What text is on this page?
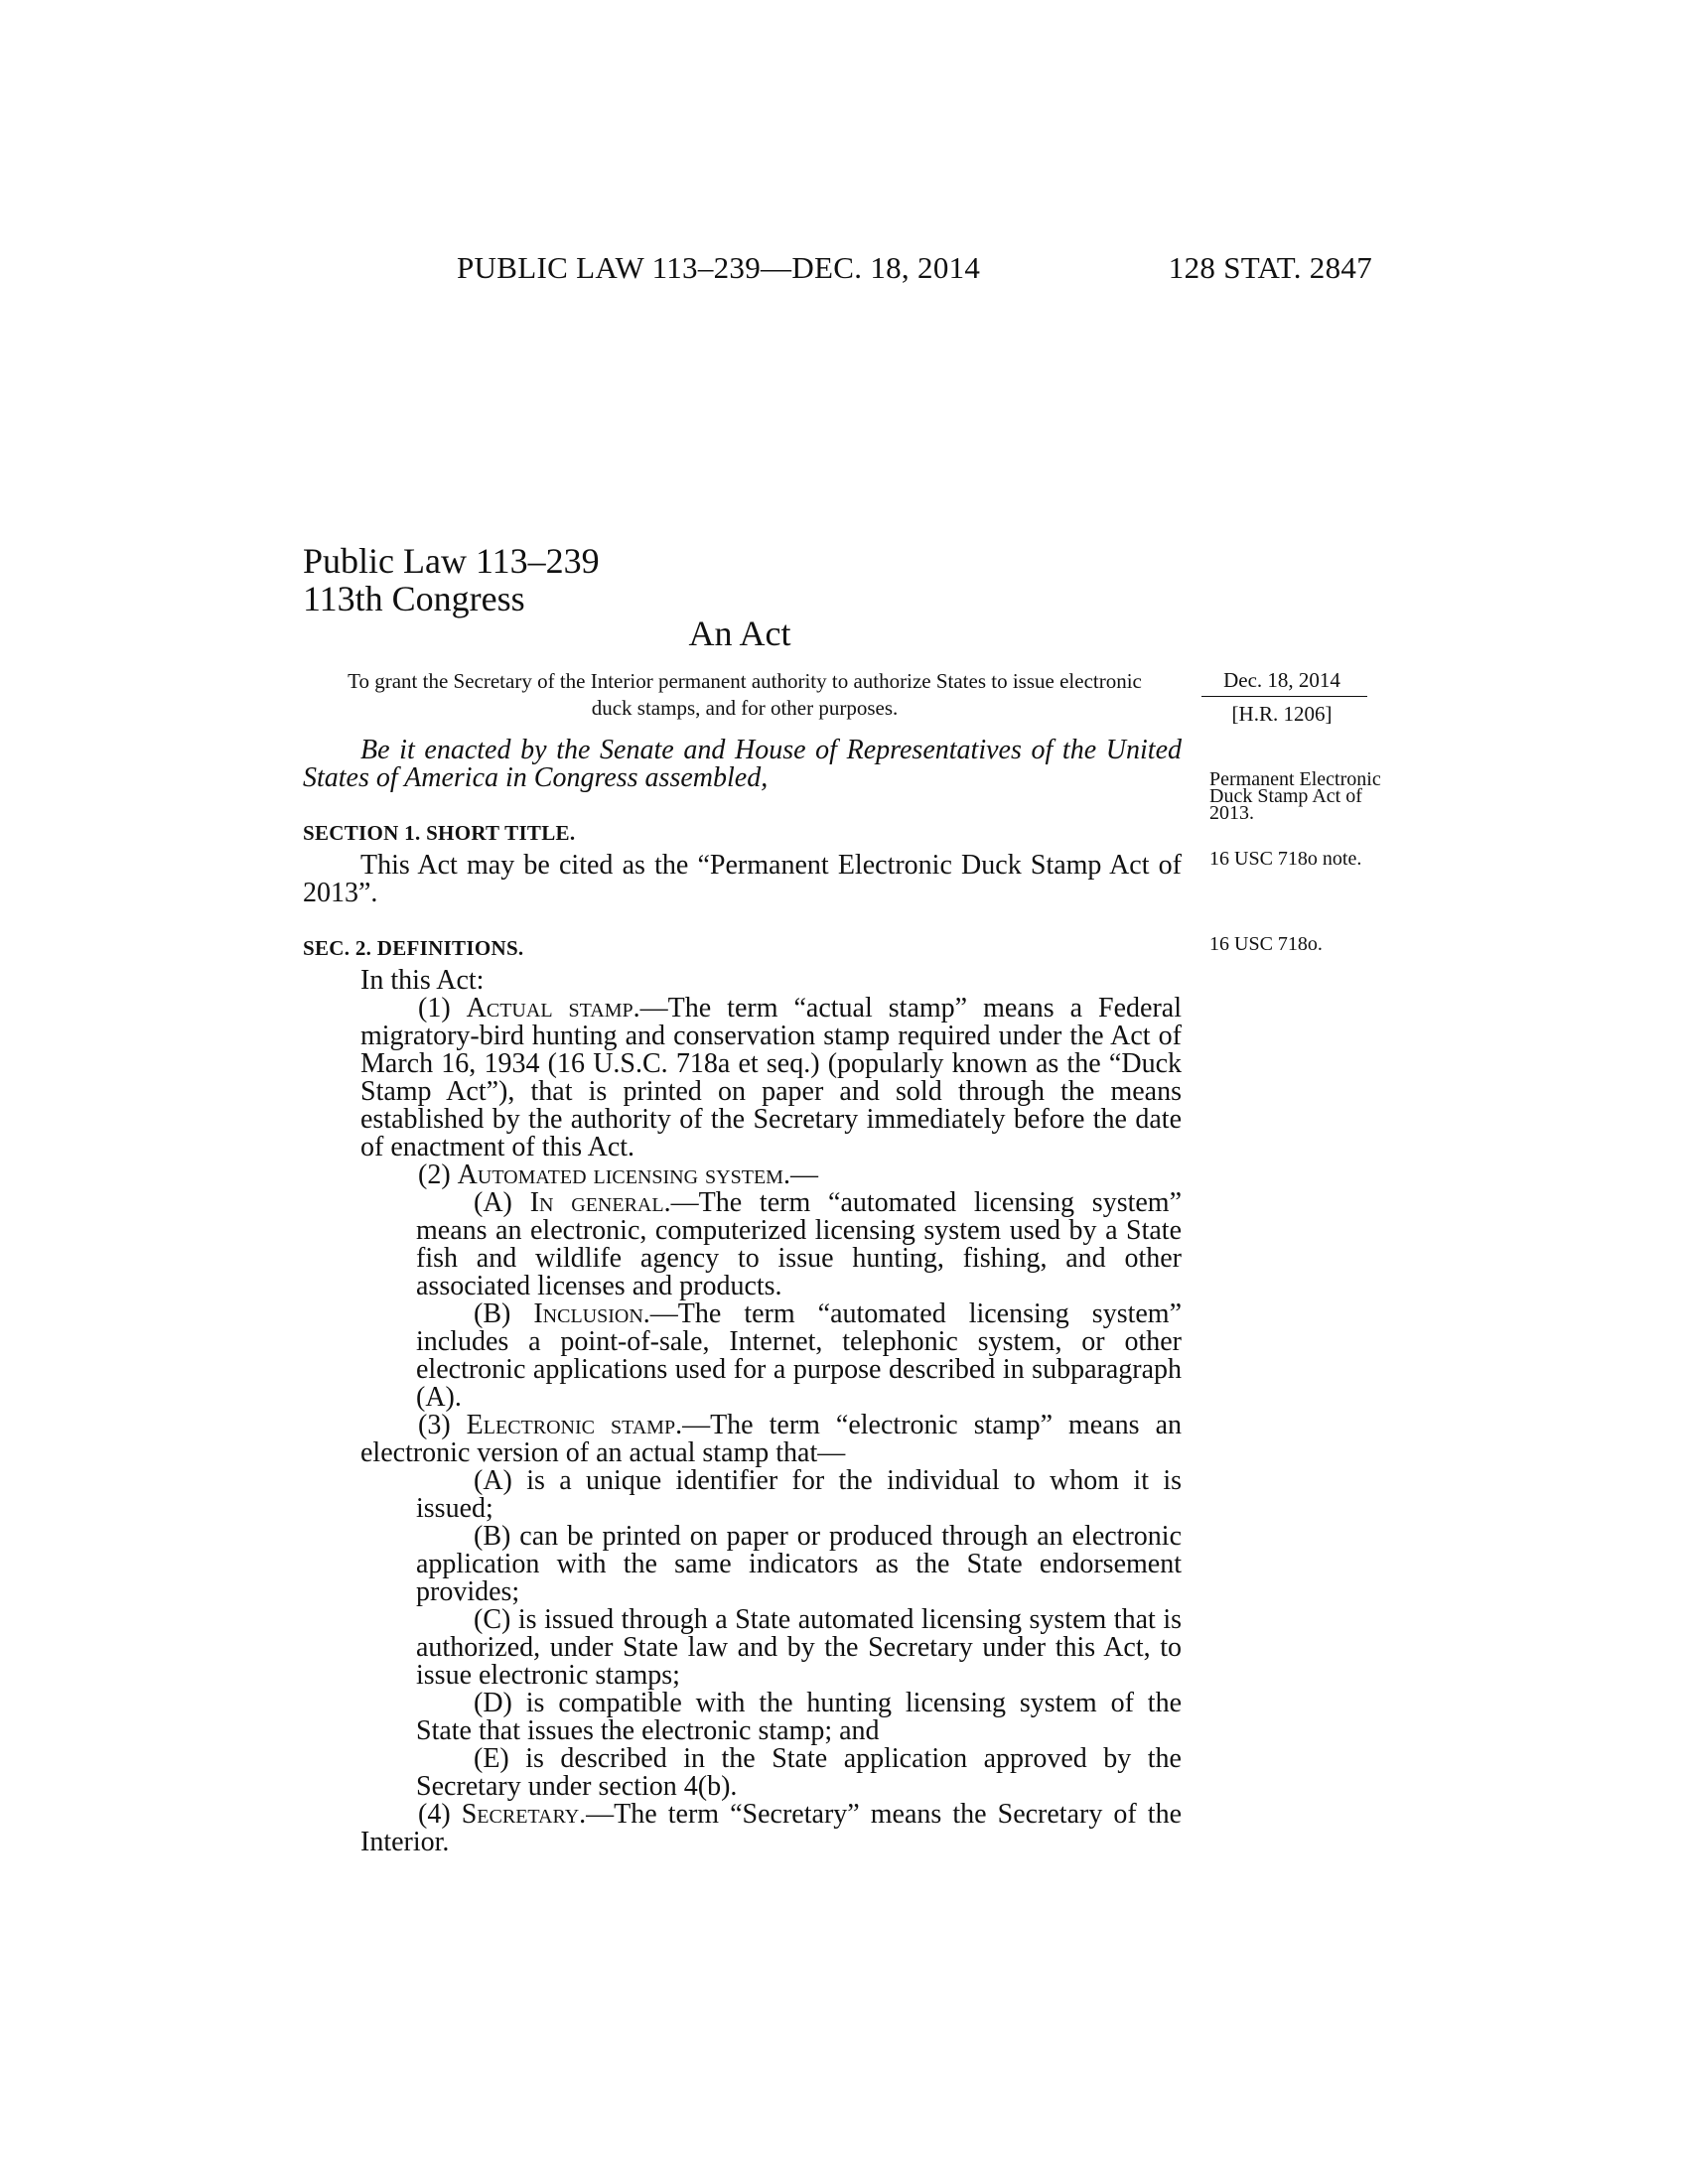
PUBLIC LAW 113–239—DEC. 18, 2014	128 STAT. 2847
Public Law 113–239
113th Congress
An Act
To grant the Secretary of the Interior permanent authority to authorize States to issue electronic duck stamps, and for other purposes.
Dec. 18, 2014
[H.R. 1206]

Be it enacted by the Senate and House of Representatives of the United States of America in Congress assembled,

SECTION 1. SHORT TITLE.

This Act may be cited as the “Permanent Electronic Duck Stamp Act of 2013”.

SEC. 2. DEFINITIONS.

In this Act:

(1) Actual stamp.—The term “actual stamp” means a Federal migratory-bird hunting and conservation stamp required under the Act of March 16, 1934 (16 U.S.C. 718a et seq.) (popularly known as the “Duck Stamp Act”), that is printed on paper and sold through the means established by the authority of the Secretary immediately before the date of enactment of this Act.

(2) Automated licensing system.—

(A) In general.—The term “automated licensing system” means an electronic, computerized licensing system used by a State fish and wildlife agency to issue hunting, fishing, and other associated licenses and products.

(B) Inclusion.—The term “automated licensing system” includes a point-of-sale, Internet, telephonic system, or other electronic applications used for a purpose described in subparagraph (A).

(3) Electronic stamp.—The term “electronic stamp” means an electronic version of an actual stamp that—

(A) is a unique identifier for the individual to whom it is issued;

(B) can be printed on paper or produced through an electronic application with the same indicators as the State endorsement provides;

(C) is issued through a State automated licensing system that is authorized, under State law and by the Secretary under this Act, to issue electronic stamps;

(D) is compatible with the hunting licensing system of the State that issues the electronic stamp; and

(E) is described in the State application approved by the Secretary under section 4(b).

(4) Secretary.—The term “Secretary” means the Secretary of the Interior.

Permanent Electronic Duck Stamp Act of 2013.
16 USC 718o note.
16 USC 718o.
